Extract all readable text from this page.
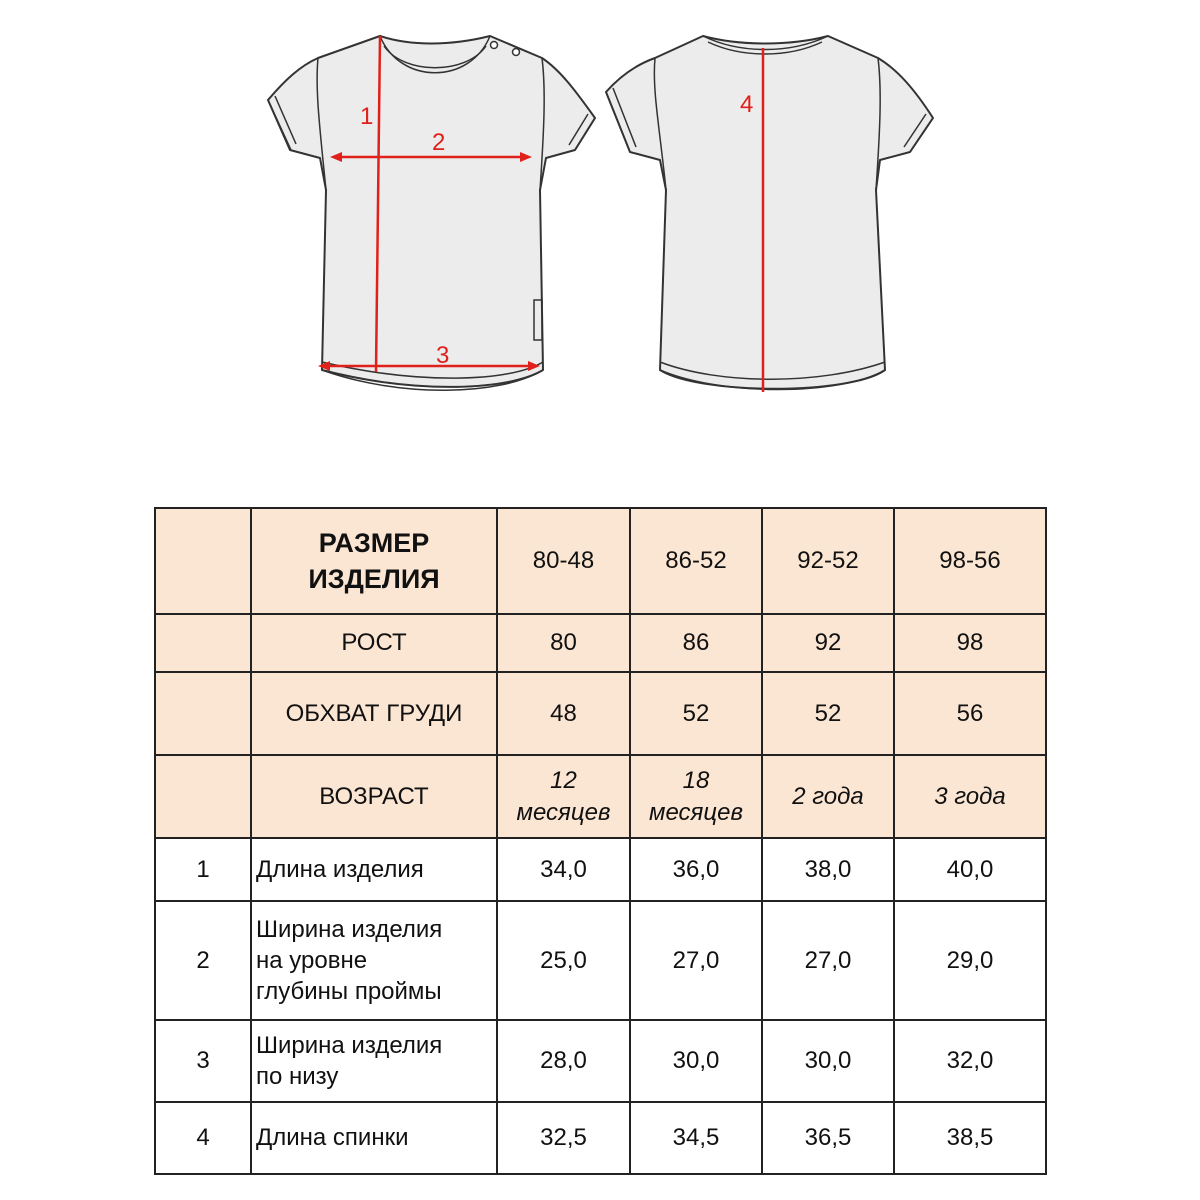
1
2
3
4

	РАЗМЕР
ИЗДЕЛИЯ	80-48	86-52	92-52	98-56
	РОСТ	80	86	92	98
	ОБХВАТ ГРУДИ	48	52	52	56
	ВОЗРАСТ	12
месяцев	18
месяцев	2 года	3 года

1	Длина изделия	34,0	36,0	38,0	40,0
2	Ширина изделия
на уровне
глубины проймы	25,0	27,0	27,0	29,0
3	Ширина изделия
по низу	28,0	30,0	30,0	32,0
4	Длина спинки	32,5	34,5	36,5	38,5
